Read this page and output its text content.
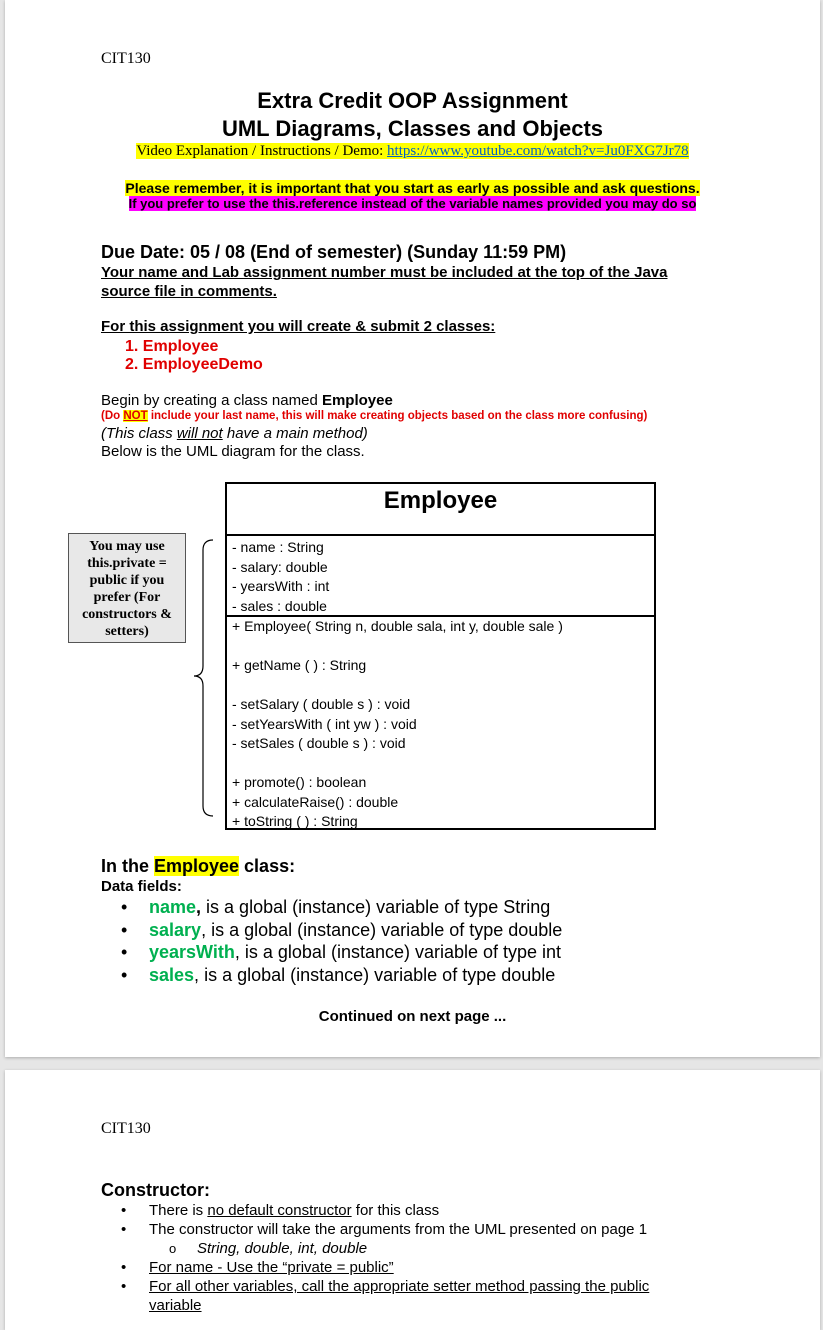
CIT130
Extra Credit OOP Assignment
UML Diagrams, Classes and Objects
Video Explanation / Instructions / Demo: https://www.youtube.com/watch?v=Ju0FXG7Jr78
Please remember, it is important that you start as early as possible and ask questions.
If you prefer to use the this.reference instead of the variable names provided you may do so
Due Date: 05 / 08 (End of semester) (Sunday 11:59 PM)
Your name and Lab assignment number must be included at the top of the Java
source file in comments.
For this assignment you will create & submit 2 classes:
1. Employee
2. EmployeeDemo
Begin by creating a class named Employee
(Do NOT include your last name, this will make creating objects based on the class more confusing)
(This class will not have a main method)
Below is the UML diagram for the class.
You may use
this.private =
public if you
prefer (For
constructors &
setters)
Employee
- name : String
- salary: double
- yearsWith : int
- sales : double
+ Employee( String n, double sala, int y, double sale )
+ getName ( ) : String
- setSalary ( double s ) : void
- setYearsWith ( int yw ) : void
- setSales ( double s ) : void
+ promote() : boolean
+ calculateRaise() : double
+ toString ( ) : String
In the Employee class:
Data fields:
• name, is a global (instance) variable of type String
• salary, is a global (instance) variable of type double
• yearsWith, is a global (instance) variable of type int
• sales, is a global (instance) variable of type double
Continued on next page ...
CIT130
Constructor:
• There is no default constructor for this class
• The constructor will take the arguments from the UML presented on page 1
o String, double, int, double
• For name - Use the “private = public”
• For all other variables, call the appropriate setter method passing the public
variable
